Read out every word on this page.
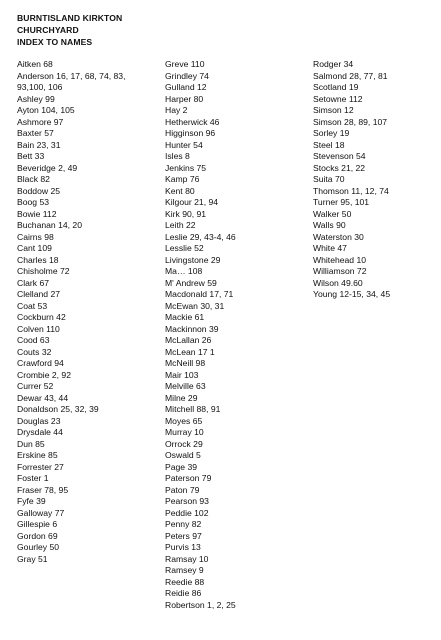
BURNTISLAND KIRKTON
CHURCHYARD
INDEX TO NAMES
Aitken 68
Anderson 16, 17, 68, 74, 83,
93,100, 106
Ashley 99
Ayton 104, 105
Ashmore 97
Baxter 57
Bain 23, 31
Bett 33
Beveridge 2, 49
Black 82
Boddow 25
Boog 53
Bowie 112
Buchanan 14, 20
Cairns 98
Cant 109
Charles 18
Chisholme 72
Clark 67
Clelland 27
Coat 53
Cockburn 42
Colven 110
Cood 63
Couts 32
Crawford 94
Crombie 2, 92
Currer 52
Dewar 43, 44
Donaldson 25, 32, 39
Douglas 23
Drysdale 44
Dun 85
Erskine 85
Forrester 27
Foster 1
Fraser 78, 95
Fyfe 39
Galloway 77
Gillespie 6
Gordon 69
Gourley 50
Gray 51
Greve 110
Grindley 74
Gulland 12
Harper 80
Hay 2
Hetherwick 46
Higginson 96
Hunter 54
Isles 8
Jenkins 75
Kamp 76
Kent 80
Kilgour 21, 94
Kirk 90, 91
Leith 22
Leslie 29, 43-4, 46
Lesslie 52
Livingstone 29
Ma… 108
M' Andrew 59
Macdonald 17, 71
McEwan 30, 31
Mackie 61
Mackinnon 39
McLallan 26
McLean 17 1
McNeill 98
Mair 103
Melville 63
Milne 29
Mitchell 88, 91
Moyes 65
Murray 10
Orrock 29
Oswald 5
Page 39
Paterson 79
Paton 79
Pearson 93
Peddie 102
Penny 82
Peters 97
Purvis 13
Ramsay 10
Ramsey 9
Reedie 88
Reidie 86
Robertson 1, 2, 25
Rodger 34
Salmond 28, 77, 81
Scotland 19
Setowne 112
Simson 12
Simson 28, 89, 107
Sorley 19
Steel 18
Stevenson 54
Stocks 21, 22
Suita 70
Thomson 11, 12, 74
Turner 95, 101
Walker 50
Walls 90
Waterston 30
White 47
Whitehead 10
Williamson 72
Wilson 49.60
Young 12-15, 34, 45
